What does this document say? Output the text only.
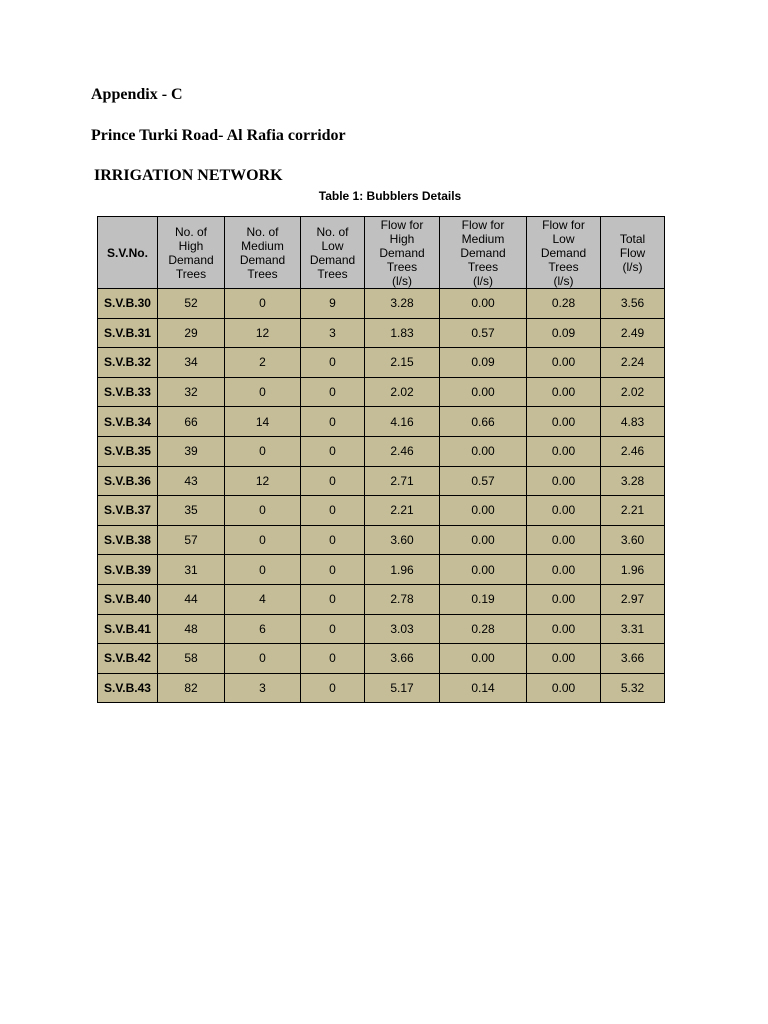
Appendix - C
Prince Turki Road- Al Rafia corridor
IRRIGATION NETWORK
Table 1: Bubblers Details
S.V.No.	No. of
High
Demand
Trees	No. of
Medium
Demand
Trees	No. of
Low
Demand
Trees	Flow for
High
Demand
Trees
(l/s)	Flow for
Medium
Demand
Trees
(l/s)	Flow for
Low
Demand
Trees
(l/s)	Total
Flow
(l/s)
S.V.B.30	52	0	9	3.28	0.00	0.28	3.56
S.V.B.31	29	12	3	1.83	0.57	0.09	2.49
S.V.B.32	34	2	0	2.15	0.09	0.00	2.24
S.V.B.33	32	0	0	2.02	0.00	0.00	2.02
S.V.B.34	66	14	0	4.16	0.66	0.00	4.83
S.V.B.35	39	0	0	2.46	0.00	0.00	2.46
S.V.B.36	43	12	0	2.71	0.57	0.00	3.28
S.V.B.37	35	0	0	2.21	0.00	0.00	2.21
S.V.B.38	57	0	0	3.60	0.00	0.00	3.60
S.V.B.39	31	0	0	1.96	0.00	0.00	1.96
S.V.B.40	44	4	0	2.78	0.19	0.00	2.97
S.V.B.41	48	6	0	3.03	0.28	0.00	3.31
S.V.B.42	58	0	0	3.66	0.00	0.00	3.66
S.V.B.43	82	3	0	5.17	0.14	0.00	5.32
